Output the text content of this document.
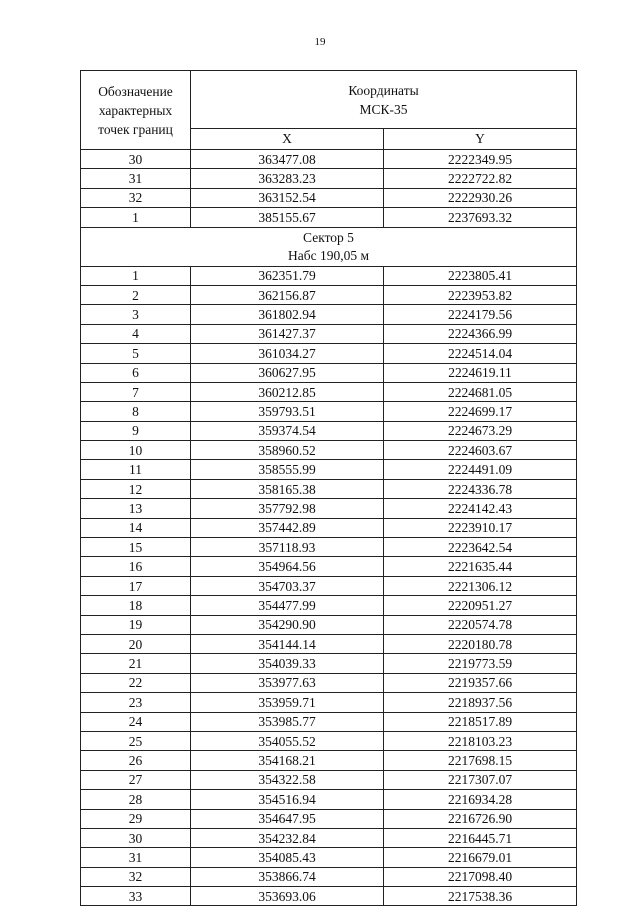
19
Обозначение
характерных
точек границ	Координаты
МСК-35	
	X	Y
30	363477.08	2222349.95
31	363283.23	2222722.82
32	363152.54	2222930.26
1	385155.67	2237693.32
Сектор 5
Набс 190,05 м		
1	362351.79	2223805.41
2	362156.87	2223953.82
3	361802.94	2224179.56
4	361427.37	2224366.99
5	361034.27	2224514.04
6	360627.95	2224619.11
7	360212.85	2224681.05
8	359793.51	2224699.17
9	359374.54	2224673.29
10	358960.52	2224603.67
11	358555.99	2224491.09
12	358165.38	2224336.78
13	357792.98	2224142.43
14	357442.89	2223910.17
15	357118.93	2223642.54
16	354964.56	2221635.44
17	354703.37	2221306.12
18	354477.99	2220951.27
19	354290.90	2220574.78
20	354144.14	2220180.78
21	354039.33	2219773.59
22	353977.63	2219357.66
23	353959.71	2218937.56
24	353985.77	2218517.89
25	354055.52	2218103.23
26	354168.21	2217698.15
27	354322.58	2217307.07
28	354516.94	2216934.28
29	354647.95	2216726.90
30	354232.84	2216445.71
31	354085.43	2216679.01
32	353866.74	2217098.40
33	353693.06	2217538.36
